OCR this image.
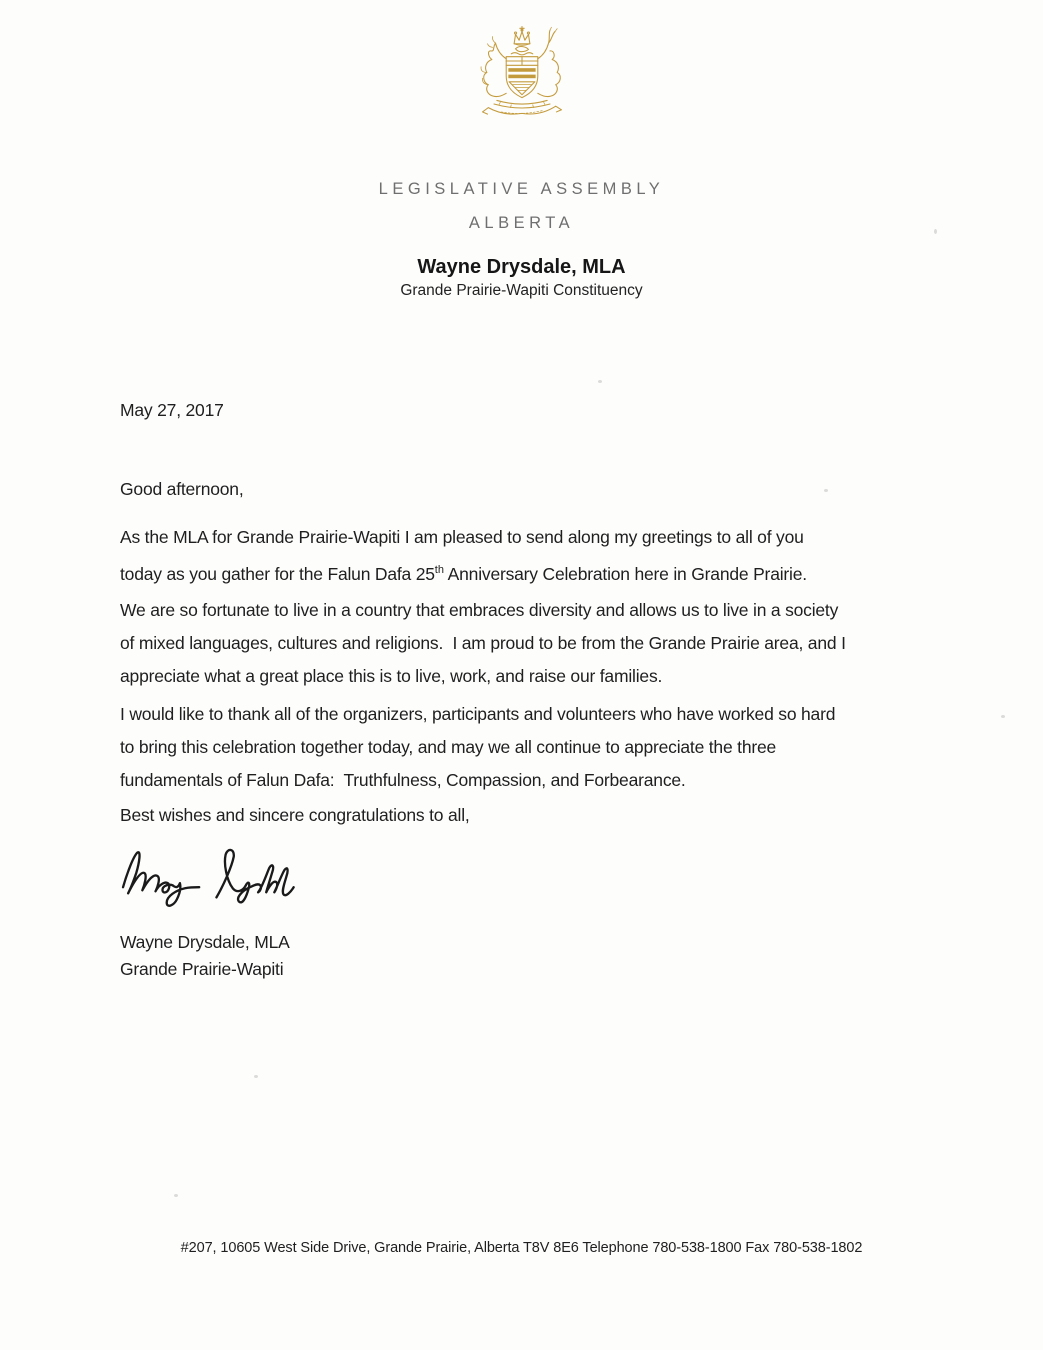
LEGISLATIVE ASSEMBLY
ALBERTA
Wayne Drysdale, MLA
Grande Prairie-Wapiti Constituency
May 27, 2017
Good afternoon,
As the MLA for Grande Prairie-Wapiti I am pleased to send along my greetings to all of you
today as you gather for the Falun Dafa 25th Anniversary Celebration here in Grande Prairie.
We are so fortunate to live in a country that embraces diversity and allows us to live in a society
of mixed languages, cultures and religions.  I am proud to be from the Grande Prairie area, and I
appreciate what a great place this is to live, work, and raise our families.
I would like to thank all of the organizers, participants and volunteers who have worked so hard
to bring this celebration together today, and may we all continue to appreciate the three
fundamentals of Falun Dafa:  Truthfulness, Compassion, and Forbearance.
Best wishes and sincere congratulations to all,
Wayne Drysdale, MLA
Grande Prairie-Wapiti
#207, 10605 West Side Drive, Grande Prairie, Alberta T8V 8E6 Telephone 780-538-1800 Fax 780-538-1802
